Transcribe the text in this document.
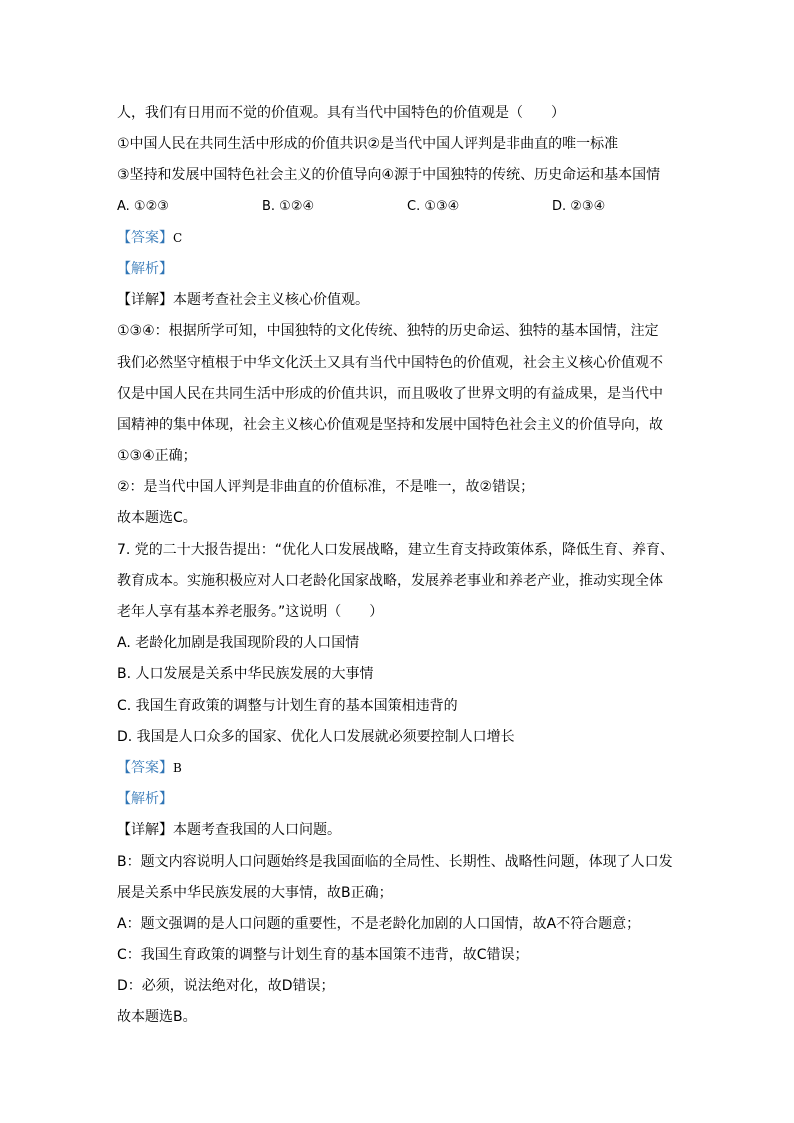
人，我们有日用而不觉的价值观。具有当代中国特色的价值观是（　　）
①中国人民在共同生活中形成的价值共识②是当代中国人评判是非曲直的唯一标准
③坚持和发展中国特色社会主义的价值导向④源于中国独特的传统、历史命运和基本国情
A. ①②③	B. ①②④	C. ①③④	D. ②③④
【答案】C
【解析】
【详解】本题考查社会主义核心价值观。
①③④：根据所学可知，中国独特的文化传统、独特的历史命运、独特的基本国情，注定
我们必然坚守植根于中华文化沃土又具有当代中国特色的价值观，社会主义核心价值观不
仅是中国人民在共同生活中形成的价值共识，而且吸收了世界文明的有益成果，是当代中
国精神的集中体现，社会主义核心价值观是坚持和发展中国特色社会主义的价值导向，故
①③④正确；
②：是当代中国人评判是非曲直的价值标准，不是唯一，故②错误；
故本题选C。
7. 党的二十大报告提出：“优化人口发展战略，建立生育支持政策体系，降低生育、养育、
教育成本。实施积极应对人口老龄化国家战略，发展养老事业和养老产业，推动实现全体
老年人享有基本养老服务。”这说明（　　）
A. 老龄化加剧是我国现阶段的人口国情
B. 人口发展是关系中华民族发展的大事情
C. 我国生育政策的调整与计划生育的基本国策相违背的
D. 我国是人口众多的国家、优化人口发展就必须要控制人口增长
【答案】B
【解析】
【详解】本题考查我国的人口问题。
B：题文内容说明人口问题始终是我国面临的全局性、长期性、战略性问题，体现了人口发
展是关系中华民族发展的大事情，故B正确；
A：题文强调的是人口问题的重要性，不是老龄化加剧的人口国情，故A不符合题意；
C：我国生育政策的调整与计划生育的基本国策不违背，故C错误；
D：必须，说法绝对化，故D错误；
故本题选B。
